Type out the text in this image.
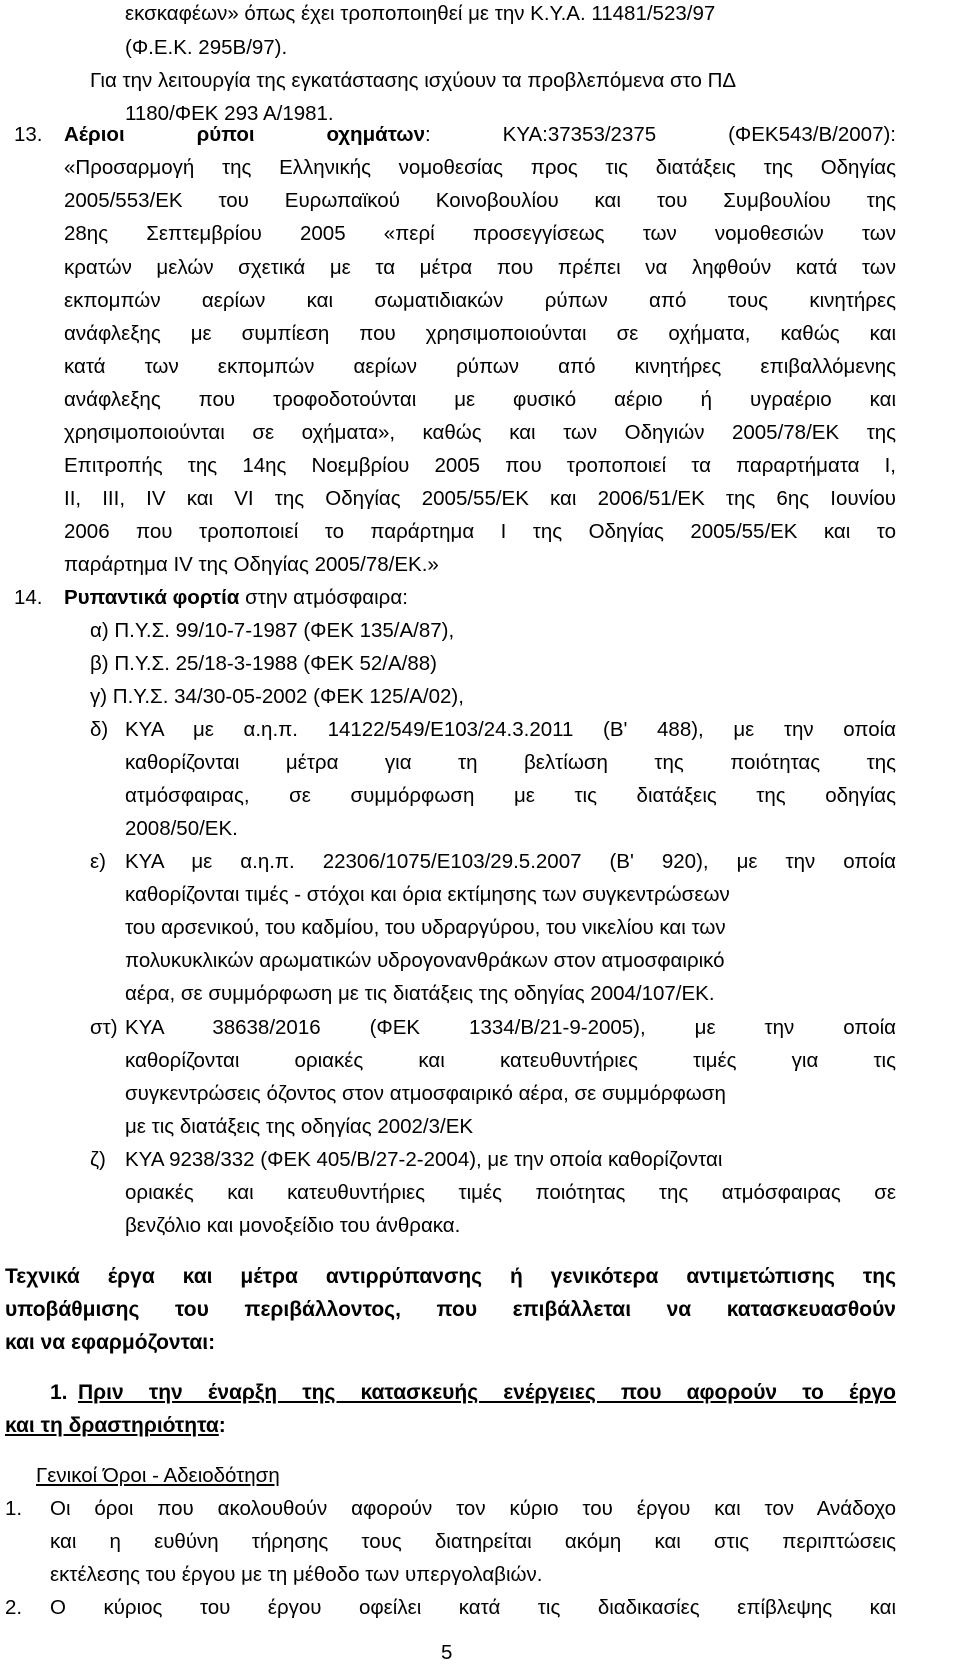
εκσκαφέων» όπως έχει τροποποιηθεί με την Κ.Υ.Α. 11481/523/97
(Φ.Ε.Κ. 295Β/97).
Για την λειτουργία της εγκατάστασης ισχύουν τα προβλεπόμενα στο ΠΔ
1180/ΦΕΚ 293 Α/1981.
13. Αέριοι ρύποι οχημάτων: ΚΥΑ:37353/2375 (ΦΕΚ543/Β/2007):
«Προσαρμογή της Ελληνικής νομοθεσίας προς τις διατάξεις της Οδηγίας
2005/553/ΕΚ του Ευρωπαϊκού Κοινοβουλίου και του Συμβουλίου της
28ης Σεπτεμβρίου 2005 «περί προσεγγίσεως των νομοθεσιών των
κρατών μελών σχετικά με τα μέτρα που πρέπει να ληφθούν κατά των
εκπομπών αερίων και σωματιδιακών ρύπων από τους κινητήρες
ανάφλεξης με συμπίεση που χρησιμοποιούνται σε οχήματα, καθώς και
κατά των εκπομπών αερίων ρύπων από κινητήρες επιβαλλόμενης
ανάφλεξης που τροφοδοτούνται με φυσικό αέριο ή υγραέριο και
χρησιμοποιούνται σε οχήματα», καθώς και των Οδηγιών 2005/78/ΕΚ της
Επιτροπής της 14ης Νοεμβρίου 2005 που τροποποιεί τα παραρτήματα Ι,
ΙΙ, ΙΙΙ, ΙV και VI της Οδηγίας 2005/55/ΕΚ και 2006/51/ΕΚ της 6ης Ιουνίου
2006 που τροποποιεί το παράρτημα Ι της Οδηγίας 2005/55/ΕΚ και το
παράρτημα ΙV της Οδηγίας 2005/78/ΕΚ.»
14. Ρυπαντικά φορτία στην ατμόσφαιρα:
α) Π.Υ.Σ. 99/10-7-1987 (ΦΕΚ 135/Α/87),
β) Π.Υ.Σ. 25/18-3-1988 (ΦΕΚ 52/Α/88)
γ) Π.Υ.Σ. 34/30-05-2002 (ΦΕΚ 125/Α/02),
δ) ΚΥΑ με α.η.π. 14122/549/Ε103/24.3.2011 (Β' 488), με την οποία
καθορίζονται μέτρα για τη βελτίωση της ποιότητας της
ατμόσφαιρας, σε συμμόρφωση με τις διατάξεις της οδηγίας
2008/50/ΕΚ.
ε) ΚΥΑ με α.η.π. 22306/1075/Ε103/29.5.2007 (Β' 920), με την οποία
καθορίζονται τιμές - στόχοι και όρια εκτίμησης των συγκεντρώσεων
του αρσενικού, του καδμίου, του υδραργύρου, του νικελίου και των
πολυκυκλικών αρωματικών υδρογονανθράκων στον ατμοσφαιρικό
αέρα, σε συμμόρφωση με τις διατάξεις της οδηγίας 2004/107/ΕΚ.
στ) ΚΥΑ 38638/2016 (ΦΕΚ 1334/Β/21-9-2005), με την οποία
καθορίζονται οριακές και κατευθυντήριες τιμές για τις
συγκεντρώσεις όζοντος στον ατμοσφαιρικό αέρα, σε συμμόρφωση
με τις διατάξεις της οδηγίας 2002/3/ΕΚ
ζ) ΚΥΑ 9238/332 (ΦΕΚ 405/Β/27-2-2004), με την οποία καθορίζονται
οριακές και κατευθυντήριες τιμές ποιότητας της ατμόσφαιρας σε
βενζόλιο και μονοξείδιο του άνθρακα.
Τεχνικά έργα και μέτρα αντιρρύπανσης ή γενικότερα αντιμετώπισης της
υποβάθμισης του περιβάλλοντος, που επιβάλλεται να κατασκευασθούν
και να εφαρμόζονται:
1. Πριν την έναρξη της κατασκευής ενέργειες που αφορούν το έργο
και τη δραστηριότητα:
Γενικοί Όροι - Αδειοδότηση
1. Οι όροι που ακολουθούν αφορούν τον κύριο του έργου και τον Ανάδοχο
και η ευθύνη τήρησης τους διατηρείται ακόμη και στις περιπτώσεις
εκτέλεσης του έργου με τη μέθοδο των υπεργολαβιών.
2. Ο κύριος του έργου οφείλει κατά τις διαδικασίες επίβλεψης και
5
